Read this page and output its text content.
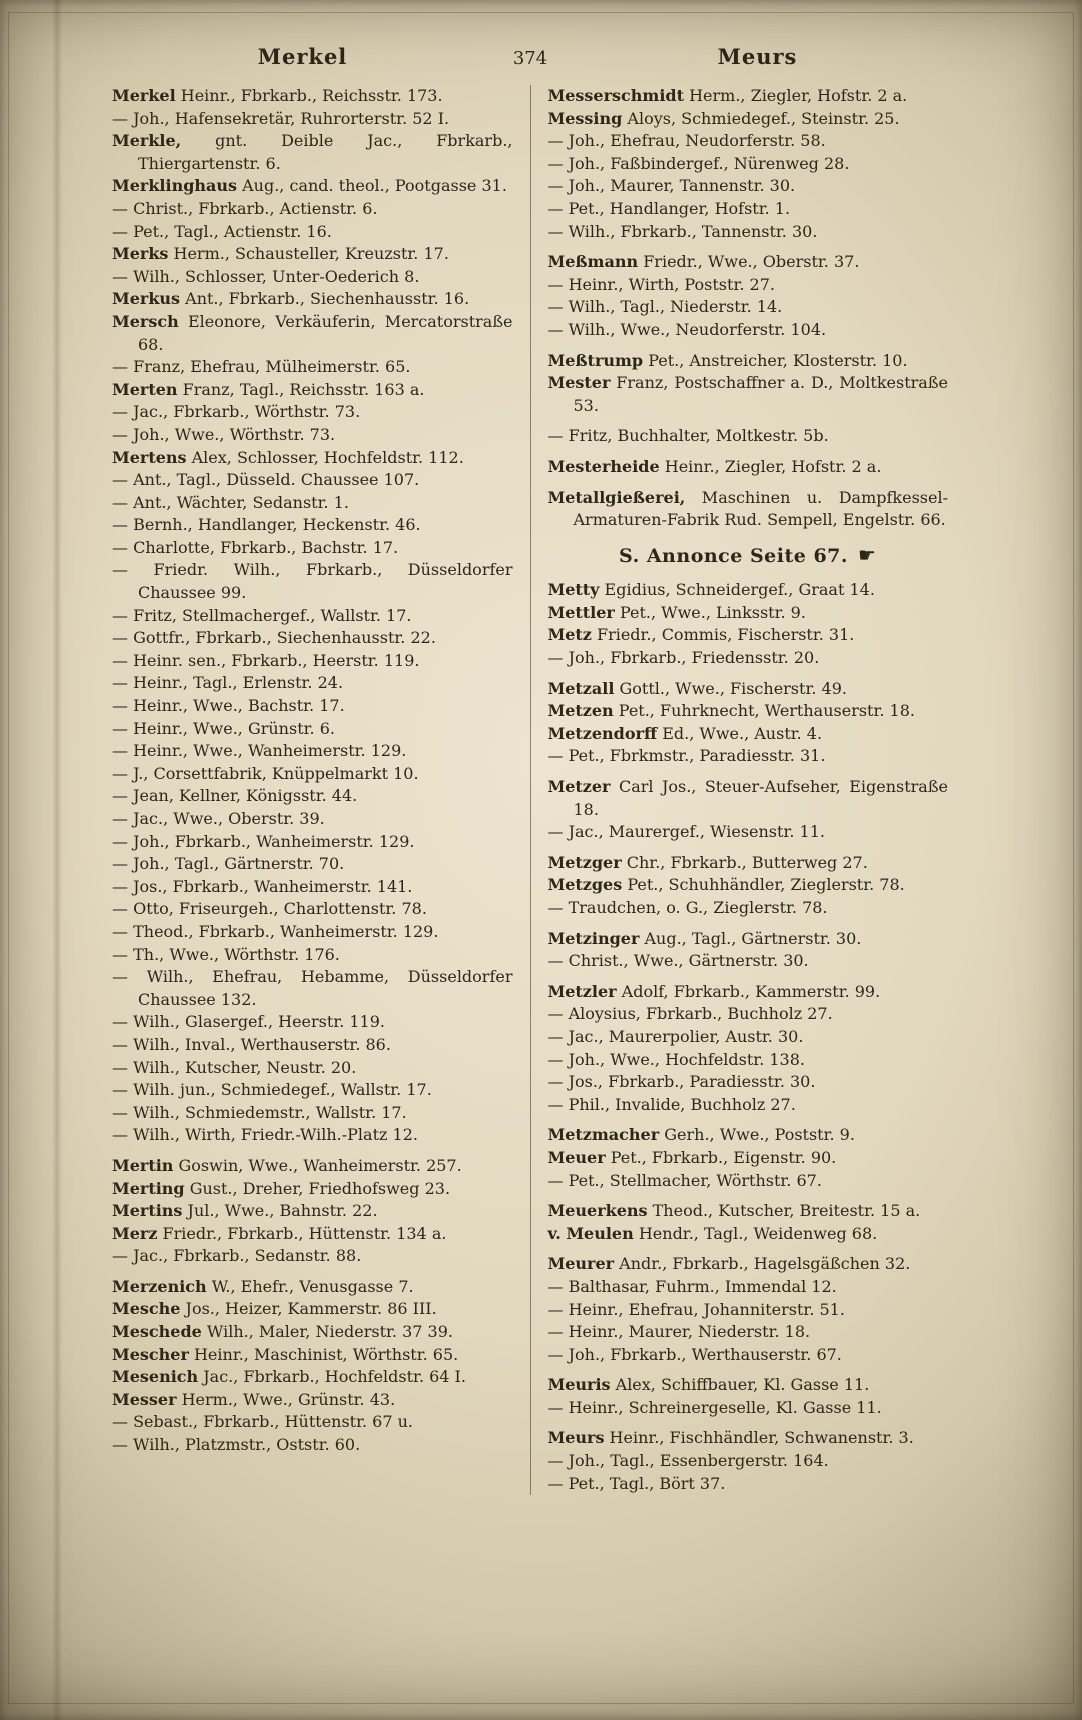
Merkel	374	Meurs
Merkel Heinr., Fbrkarb., Reichsstr. 173.
— Joh., Hafensekretär, Ruhrorterstr. 52 I.
Merkle, gnt. Deible Jac., Fbrkarb., Thiergartenstr. 6.
Merklinghaus Aug., cand. theol., Pootgasse 31.
— Christ., Fbrkarb., Actienstr. 6.
— Pet., Tagl., Actienstr. 16.
Merks Herm., Schausteller, Kreuzstr. 17.
— Wilh., Schlosser, Unter-Oederich 8.
Merkus Ant., Fbrkarb., Siechenhausstr. 16.
Mersch Eleonore, Verkäuferin, Mercatorstraße 68.
— Franz, Ehefrau, Mülheimerstr. 65.
Merten Franz, Tagl., Reichsstr. 163 a.
— Jac., Fbrkarb., Wörthstr. 73.
— Joh., Wwe., Wörthstr. 73.
Mertens Alex, Schlosser, Hochfeldstr. 112.
— Ant., Tagl., Düsseld. Chaussee 107.
— Ant., Wächter, Sedanstr. 1.
— Bernh., Handlanger, Heckenstr. 46.
— Charlotte, Fbrkarb., Bachstr. 17.
— Friedr. Wilh., Fbrkarb., Düsseldorfer Chaussee 99.
— Fritz, Stellmachergef., Wallstr. 17.
— Gottfr., Fbrkarb., Siechenhausstr. 22.
— Heinr. sen., Fbrkarb., Heerstr. 119.
— Heinr., Tagl., Erlenstr. 24.
— Heinr., Wwe., Bachstr. 17.
— Heinr., Wwe., Grünstr. 6.
— Heinr., Wwe., Wanheimerstr. 129.
— J., Corsettfabrik, Knüppelmarkt 10.
— Jean, Kellner, Königsstr. 44.
— Jac., Wwe., Oberstr. 39.
— Joh., Fbrkarb., Wanheimerstr. 129.
— Joh., Tagl., Gärtnerstr. 70.
— Jos., Fbrkarb., Wanheimerstr. 141.
— Otto, Friseurgeh., Charlottenstr. 78.
— Theod., Fbrkarb., Wanheimerstr. 129.
— Th., Wwe., Wörthstr. 176.
— Wilh., Ehefrau, Hebamme, Düsseldorfer Chaussee 132.
— Wilh., Glasergef., Heerstr. 119.
— Wilh., Inval., Werthauserstr. 86.
— Wilh., Kutscher, Neustr. 20.
— Wilh. jun., Schmiedegef., Wallstr. 17.
— Wilh., Schmiedemstr., Wallstr. 17.
— Wilh., Wirth, Friedr.-Wilh.-Platz 12.
Mertin Goswin, Wwe., Wanheimerstr. 257.
Merting Gust., Dreher, Friedhofsweg 23.
Mertins Jul., Wwe., Bahnstr. 22.
Merz Friedr., Fbrkarb., Hüttenstr. 134 a.
— Jac., Fbrkarb., Sedanstr. 88.
Merzenich W., Ehefr., Venusgasse 7.
Mesche Jos., Heizer, Kammerstr. 86 III.
Meschede Wilh., Maler, Niederstr. 37 39.
Mescher Heinr., Maschinist, Wörthstr. 65.
Mesenich Jac., Fbrkarb., Hochfeldstr. 64 I.
Messer Herm., Wwe., Grünstr. 43.
— Sebast., Fbrkarb., Hüttenstr. 67 u.
— Wilh., Platzmstr., Oststr. 60.
Messerschmidt Herm., Ziegler, Hofstr. 2 a.
Messing Aloys, Schmiedegef., Steinstr. 25.
— Joh., Ehefrau, Neudorferstr. 58.
— Joh., Faßbindergef., Nürenweg 28.
— Joh., Maurer, Tannenstr. 30.
— Pet., Handlanger, Hofstr. 1.
— Wilh., Fbrkarb., Tannenstr. 30.
Meßmann Friedr., Wwe., Oberstr. 37.
— Heinr., Wirth, Poststr. 27.
— Wilh., Tagl., Niederstr. 14.
— Wilh., Wwe., Neudorferstr. 104.
Meßtrump Pet., Anstreicher, Klosterstr. 10.
Mester Franz, Postschaffner a. D., Moltkestraße 53.
— Fritz, Buchhalter, Moltkestr. 5b.
Mesterheide Heinr., Ziegler, Hofstr. 2 a.
Metallgießerei, Maschinen u. Dampfkessel-Armaturen-Fabrik Rud. Sempell, Engelstr. 66.
S. Annonce Seite 67. ☛
Metty Egidius, Schneidergef., Graat 14.
Mettler Pet., Wwe., Linksstr. 9.
Metz Friedr., Commis, Fischerstr. 31.
— Joh., Fbrkarb., Friedensstr. 20.
Metzall Gottl., Wwe., Fischerstr. 49.
Metzen Pet., Fuhrknecht, Werthauserstr. 18.
Metzendorff Ed., Wwe., Austr. 4.
— Pet., Fbrkmstr., Paradiesstr. 31.
Metzer Carl Jos., Steuer-Aufseher, Eigenstraße 18.
— Jac., Maurergef., Wiesenstr. 11.
Metzger Chr., Fbrkarb., Butterweg 27.
Metzges Pet., Schuhhändler, Zieglerstr. 78.
— Traudchen, o. G., Zieglerstr. 78.
Metzinger Aug., Tagl., Gärtnerstr. 30.
— Christ., Wwe., Gärtnerstr. 30.
Metzler Adolf, Fbrkarb., Kammerstr. 99.
— Aloysius, Fbrkarb., Buchholz 27.
— Jac., Maurerpolier, Austr. 30.
— Joh., Wwe., Hochfeldstr. 138.
— Jos., Fbrkarb., Paradiesstr. 30.
— Phil., Invalide, Buchholz 27.
Metzmacher Gerh., Wwe., Poststr. 9.
Meuer Pet., Fbrkarb., Eigenstr. 90.
— Pet., Stellmacher, Wörthstr. 67.
Meuerkens Theod., Kutscher, Breitestr. 15 a.
v. Meulen Hendr., Tagl., Weidenweg 68.
Meurer Andr., Fbrkarb., Hagelsgäßchen 32.
— Balthasar, Fuhrm., Immendal 12.
— Heinr., Ehefrau, Johanniterstr. 51.
— Heinr., Maurer, Niederstr. 18.
— Joh., Fbrkarb., Werthauserstr. 67.
Meuris Alex, Schiffbauer, Kl. Gasse 11.
— Heinr., Schreinergeselle, Kl. Gasse 11.
Meurs Heinr., Fischhändler, Schwanenstr. 3.
— Joh., Tagl., Essenbergerstr. 164.
— Pet., Tagl., Bört 37.
